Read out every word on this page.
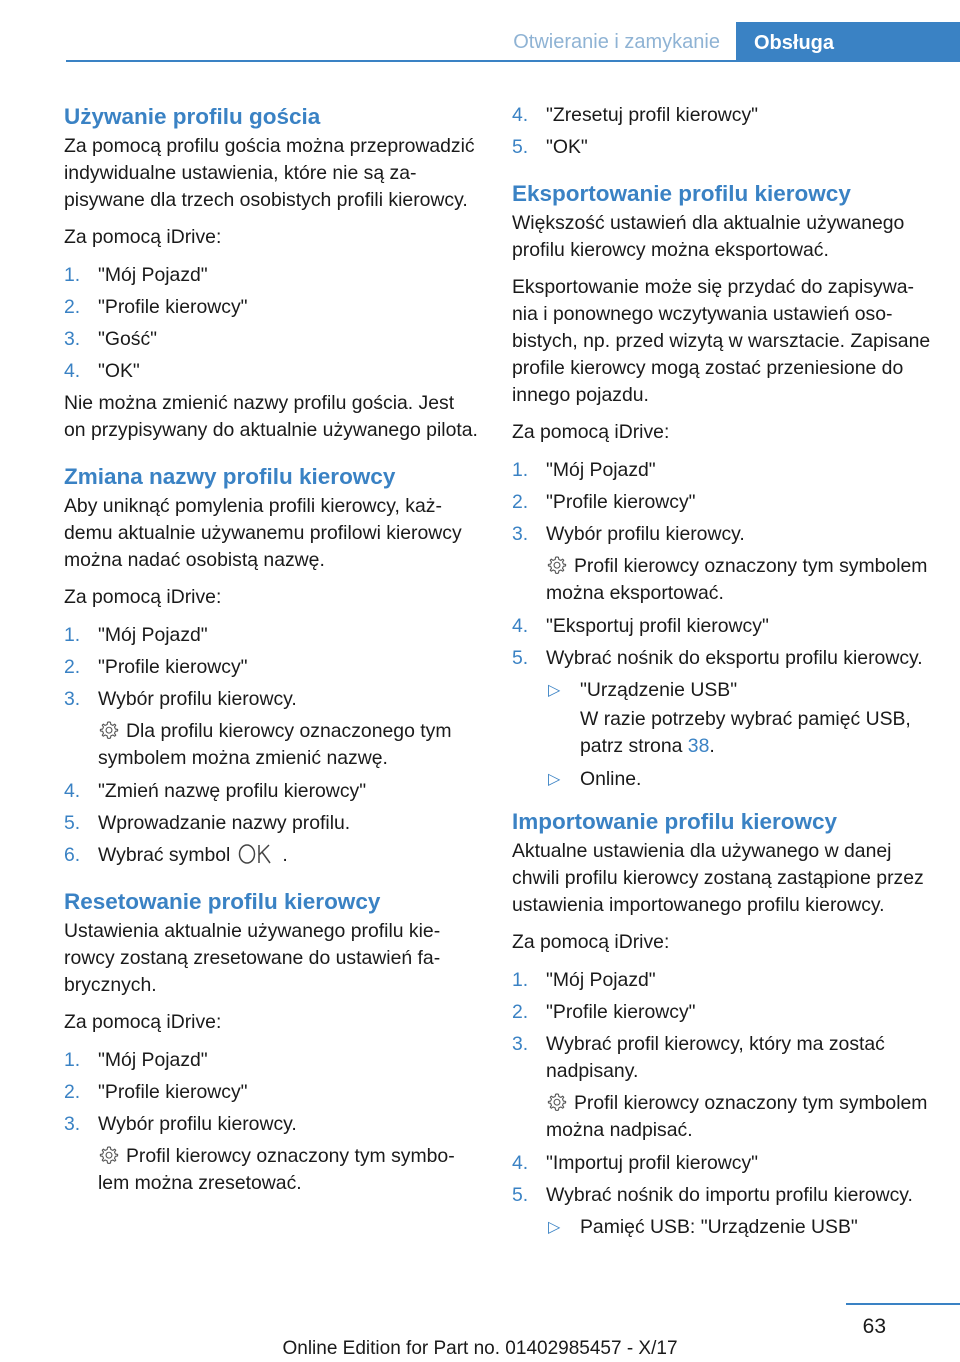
Otwieranie i zamykanie	Obsługa
Używanie profilu gościa
Za pomocą profilu gościa można przeprowadzić indywidualne ustawienia, które nie są zapisywane dla trzech osobistych profili kierowcy.
Za pomocą iDrive:
1. "Mój Pojazd"
2. "Profile kierowcy"
3. "Gość"
4. "OK"
Nie można zmienić nazwy profilu gościa. Jest on przypisywany do aktualnie używanego pilota.
Zmiana nazwy profilu kierowcy
Aby uniknąć pomylenia profili kierowcy, każdemu aktualnie używanemu profilowi kierowcy można nadać osobistą nazwę.
Za pomocą iDrive:
1. "Mój Pojazd"
2. "Profile kierowcy"
3. Wybór profilu kierowcy.
Dla profilu kierowcy oznaczonego tym symbolem można zmienić nazwę.
4. "Zmień nazwę profilu kierowcy"
5. Wprowadzanie nazwy profilu.
6. Wybrać symbol	.
Resetowanie profilu kierowcy
Ustawienia aktualnie używanego profilu kierowcy zostaną zresetowane do ustawień fabrycznych.
Za pomocą iDrive:
1. "Mój Pojazd"
2. "Profile kierowcy"
3. Wybór profilu kierowcy.
Profil kierowcy oznaczony tym symbolem można zresetować.
4. "Zresetuj profil kierowcy"
5. "OK"
Eksportowanie profilu kierowcy
Większość ustawień dla aktualnie używanego profilu kierowcy można eksportować.
Eksportowanie może się przydać do zapisywania i ponownego wczytywania ustawień osobistych, np. przed wizytą w warsztacie. Zapisane profile kierowcy mogą zostać przeniesione do innego pojazdu.
Za pomocą iDrive:
1. "Mój Pojazd"
2. "Profile kierowcy"
3. Wybór profilu kierowcy.
Profil kierowcy oznaczony tym symbolem można eksportować.
4. "Eksportuj profil kierowcy"
5. Wybrać nośnik do eksportu profilu kierowcy.
▷ "Urządzenie USB"
W razie potrzeby wybrać pamięć USB, patrz strona 38.
▷ Online.
Importowanie profilu kierowcy
Aktualne ustawienia dla używanego w danej chwili profilu kierowcy zostaną zastąpione przez ustawienia importowanego profilu kierowcy.
Za pomocą iDrive:
1. "Mój Pojazd"
2. "Profile kierowcy"
3. Wybrać profil kierowcy, który ma zostać nadpisany.
Profil kierowcy oznaczony tym symbolem można nadpisać.
4. "Importuj profil kierowcy"
5. Wybrać nośnik do importu profilu kierowcy.
▷ Pamięć USB: "Urządzenie USB"
63
Online Edition for Part no. 01402985457 - X/17
